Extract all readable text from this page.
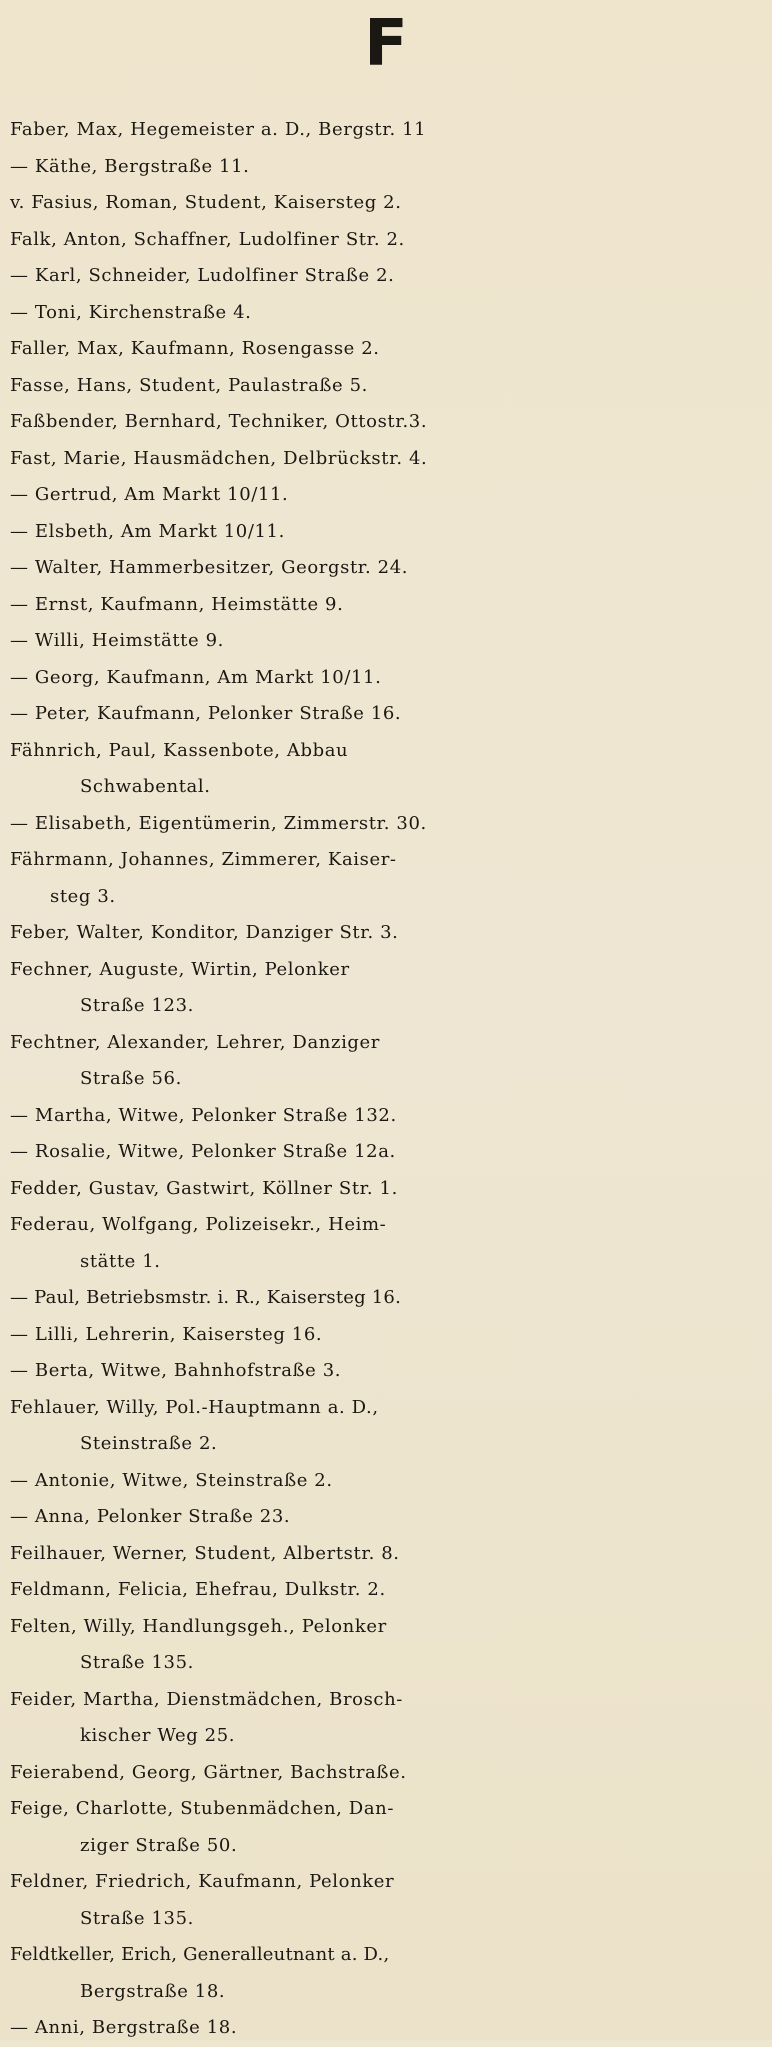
F
Faber, Max, Hegemeister a. D., Bergstr. 11
— Käthe, Bergstraße 11.
v. Fasius, Roman, Student, Kaisersteg 2.
Falk, Anton, Schaffner, Ludolfiner Str. 2.
— Karl, Schneider, Ludolfiner Straße 2.
— Toni, Kirchenstraße 4.
Faller, Max, Kaufmann, Rosengasse 2.
Fasse, Hans, Student, Paulastraße 5.
Faßbender, Bernhard, Techniker, Ottostr.3.
Fast, Marie, Hausmädchen, Delbrückstr. 4.
— Gertrud, Am Markt 10/11.
— Elsbeth, Am Markt 10/11.
— Walter, Hammerbesitzer, Georgstr. 24.
— Ernst, Kaufmann, Heimstätte 9.
— Willi, Heimstätte 9.
— Georg, Kaufmann, Am Markt 10/11.
— Peter, Kaufmann, Pelonker Straße 16.
Fähnrich, Paul, Kassenbote, Abbau
Schwabental.
— Elisabeth, Eigentümerin, Zimmerstr. 30.
Fährmann, Johannes, Zimmerer, Kaiser-
steg 3.
Feber, Walter, Konditor, Danziger Str. 3.
Fechner, Auguste, Wirtin, Pelonker
Straße 123.
Fechtner, Alexander, Lehrer, Danziger
Straße 56.
— Martha, Witwe, Pelonker Straße 132.
— Rosalie, Witwe, Pelonker Straße 12a.
Fedder, Gustav, Gastwirt, Köllner Str. 1.
Federau, Wolfgang, Polizeisekr., Heim-
stätte 1.
— Paul, Betriebsmstr. i. R., Kaisersteg 16.
— Lilli, Lehrerin, Kaisersteg 16.
— Berta, Witwe, Bahnhofstraße 3.
Fehlauer, Willy, Pol.-Hauptmann a. D.,
Steinstraße 2.
— Antonie, Witwe, Steinstraße 2.
— Anna, Pelonker Straße 23.
Feilhauer, Werner, Student, Albertstr. 8.
Feldmann, Felicia, Ehefrau, Dulkstr. 2.
Felten, Willy, Handlungsgeh., Pelonker
Straße 135.
Feider, Martha, Dienstmädchen, Brosch-
kischer Weg 25.
Feierabend, Georg, Gärtner, Bachstraße.
Feige, Charlotte, Stubenmädchen, Dan-
ziger Straße 50.
Feldner, Friedrich, Kaufmann, Pelonker
Straße 135.
Feldtkeller, Erich, Generalleutnant a. D.,
Bergstraße 18.
— Anni, Bergstraße 18.
